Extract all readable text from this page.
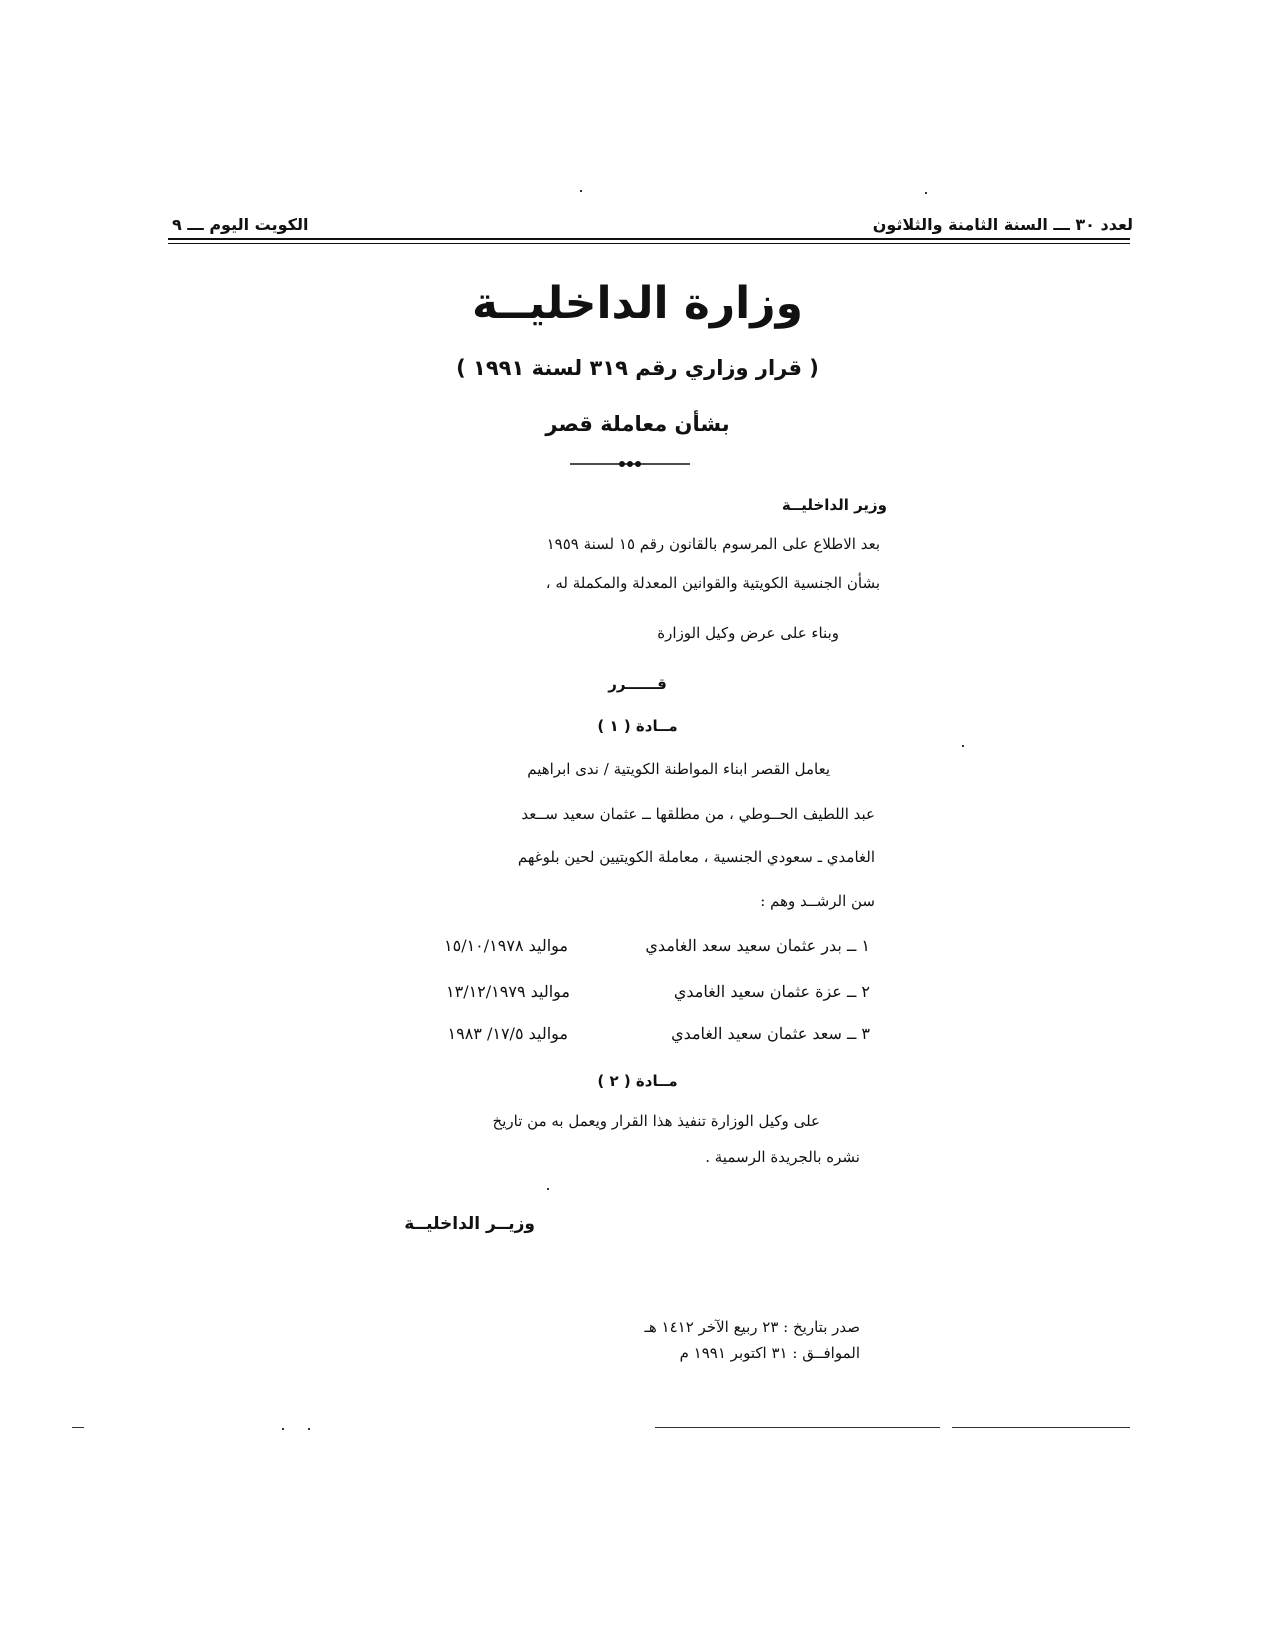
الكويت اليوم ـــ ٩	لعدد ٣٠ ـــ السنة الثامنة والثلاثون
وزارة الداخليــة
( قرار وزاري رقم ٣١٩ لسنة ١٩٩١ )
بشأن معاملة قصر
وزير الداخليــة
بعد الاطلاع على المرسوم بالقانون رقم ١٥ لسنة ١٩٥٩
بشأن الجنسية الكويتية والقوانين المعدلة والمكملة له ،
وبناء على عرض وكيل الوزارة
قــــــرر
مــادة ( ١ )
يعامل القصر ابناء المواطنة الكويتية / ندى ابراهيم
عبد اللطيف الحــوطي ، من مطلقها ــ عثمان سعيد ســعد
الغامدي ـ سعودي الجنسية ، معاملة الكويتيين لحين بلوغهم
سن الرشــد وهم :
١ ــ بدر عثمان سعيد سعد الغامدي
مواليد ١٥/١٠/١٩٧٨
٢ ــ عزة عثمان سعيد الغامدي
مواليد ١٣/١٢/١٩٧٩
٣ ــ سعد عثمان سعيد الغامدي
مواليد ١٧/٥/ ١٩٨٣
مــادة ( ٢ )
على وكيل الوزارة تنفيذ هذا القرار ويعمل به من تاريخ
نشره بالجريدة الرسمية .
وزيــر الداخليــة
صدر بتاريخ : ٢٣ ربيع الآخر ١٤١٢ هـ
الموافــق : ٣١ اكتوبر ١٩٩١ م
